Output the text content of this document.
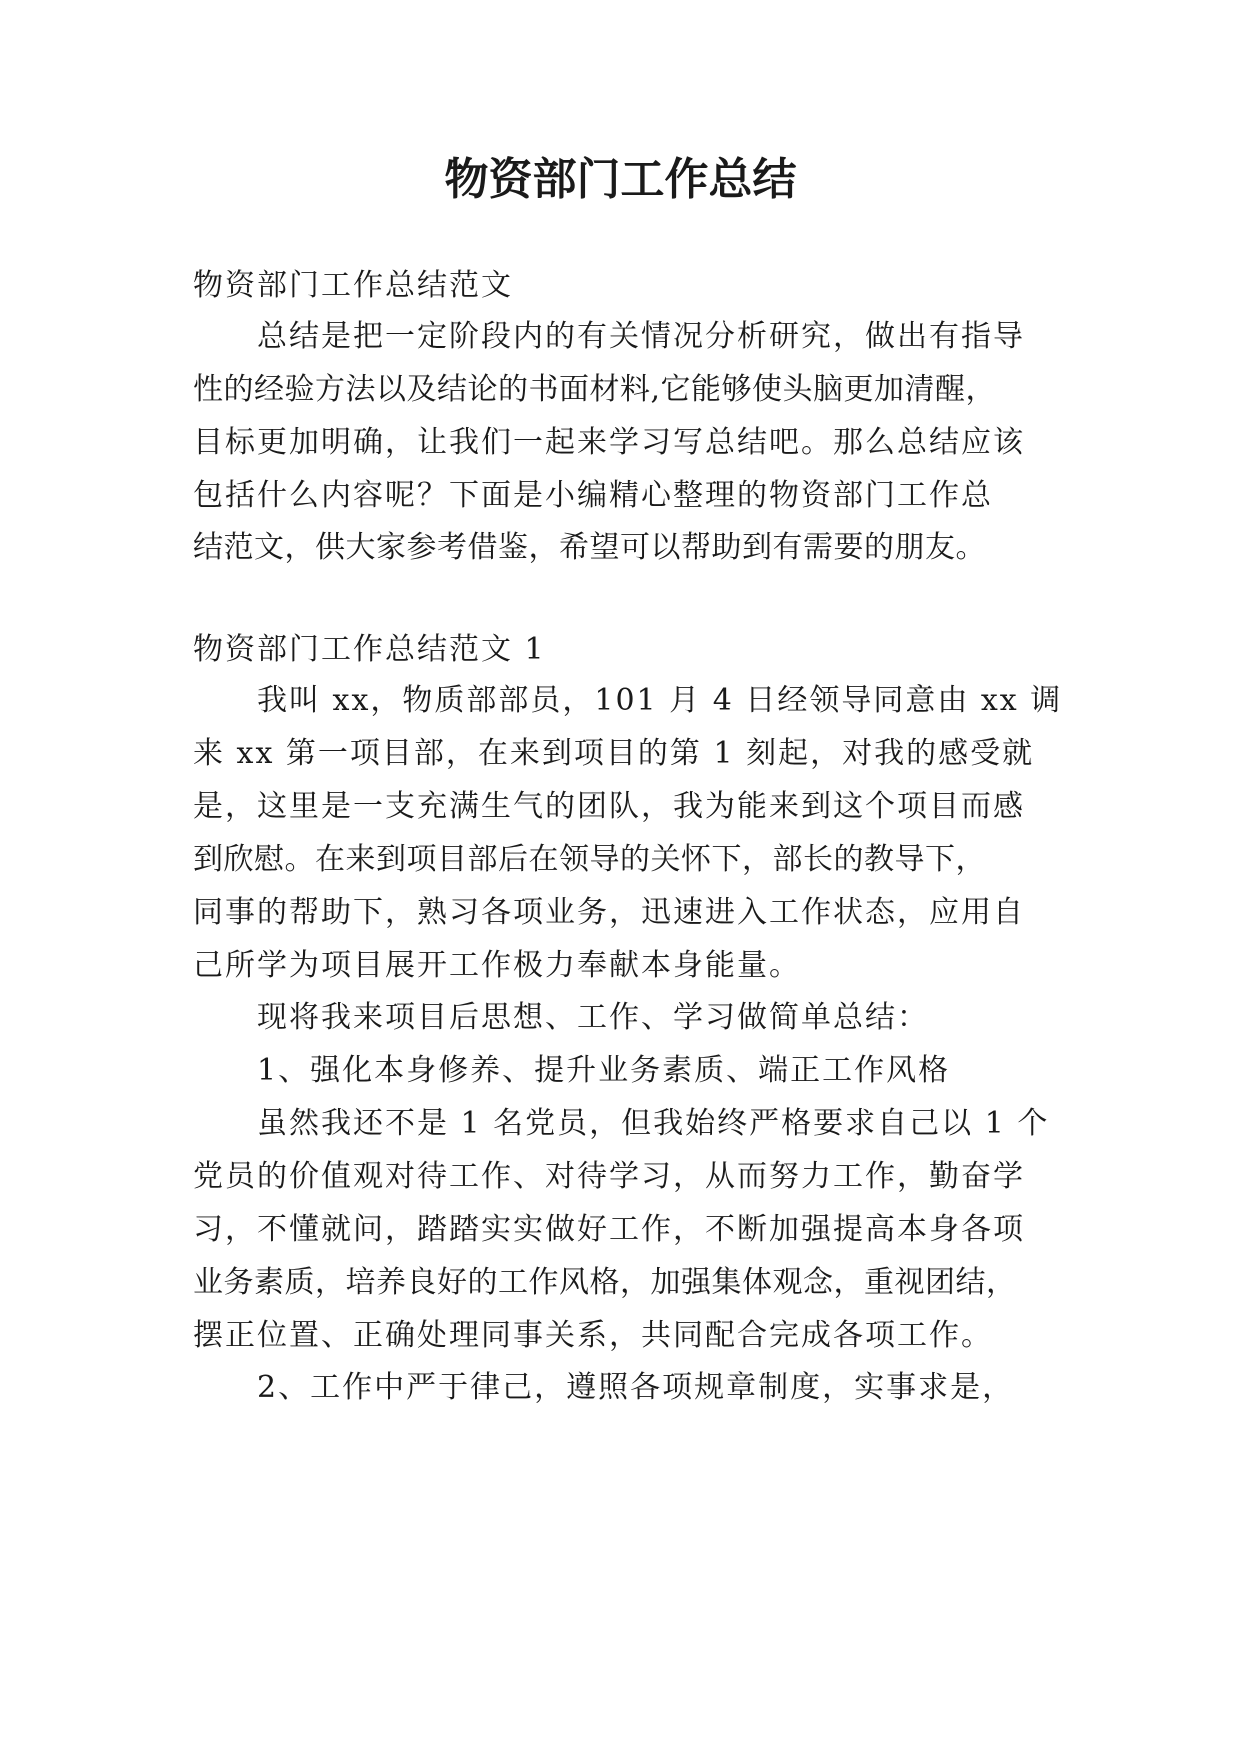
物资部门工作总结
物资部门工作总结范文
总结是把一定阶段内的有关情况分析研究，做出有指导
性的经验方法以及结论的书面材料,它能够使头脑更加清醒，
目标更加明确，让我们一起来学习写总结吧。那么总结应该
包括什么内容呢？下面是小编精心整理的物资部门工作总
结范文，供大家参考借鉴，希望可以帮助到有需要的朋友。
物资部门工作总结范文 1
我叫 xx，物质部部员，101 月 4 日经领导同意由 xx 调
来 xx 第一项目部，在来到项目的第 1 刻起，对我的感受就
是，这里是一支充满生气的团队，我为能来到这个项目而感
到欣慰。在来到项目部后在领导的关怀下，部长的教导下，
同事的帮助下，熟习各项业务，迅速进入工作状态，应用自
己所学为项目展开工作极力奉献本身能量。
现将我来项目后思想、工作、学习做简单总结：
1、强化本身修养、提升业务素质、端正工作风格
虽然我还不是 1 名党员，但我始终严格要求自己以 1 个
党员的价值观对待工作、对待学习，从而努力工作，勤奋学
习，不懂就问，踏踏实实做好工作，不断加强提高本身各项
业务素质，培养良好的工作风格，加强集体观念，重视团结，
摆正位置、正确处理同事关系，共同配合完成各项工作。
2、工作中严于律己，遵照各项规章制度，实事求是，
